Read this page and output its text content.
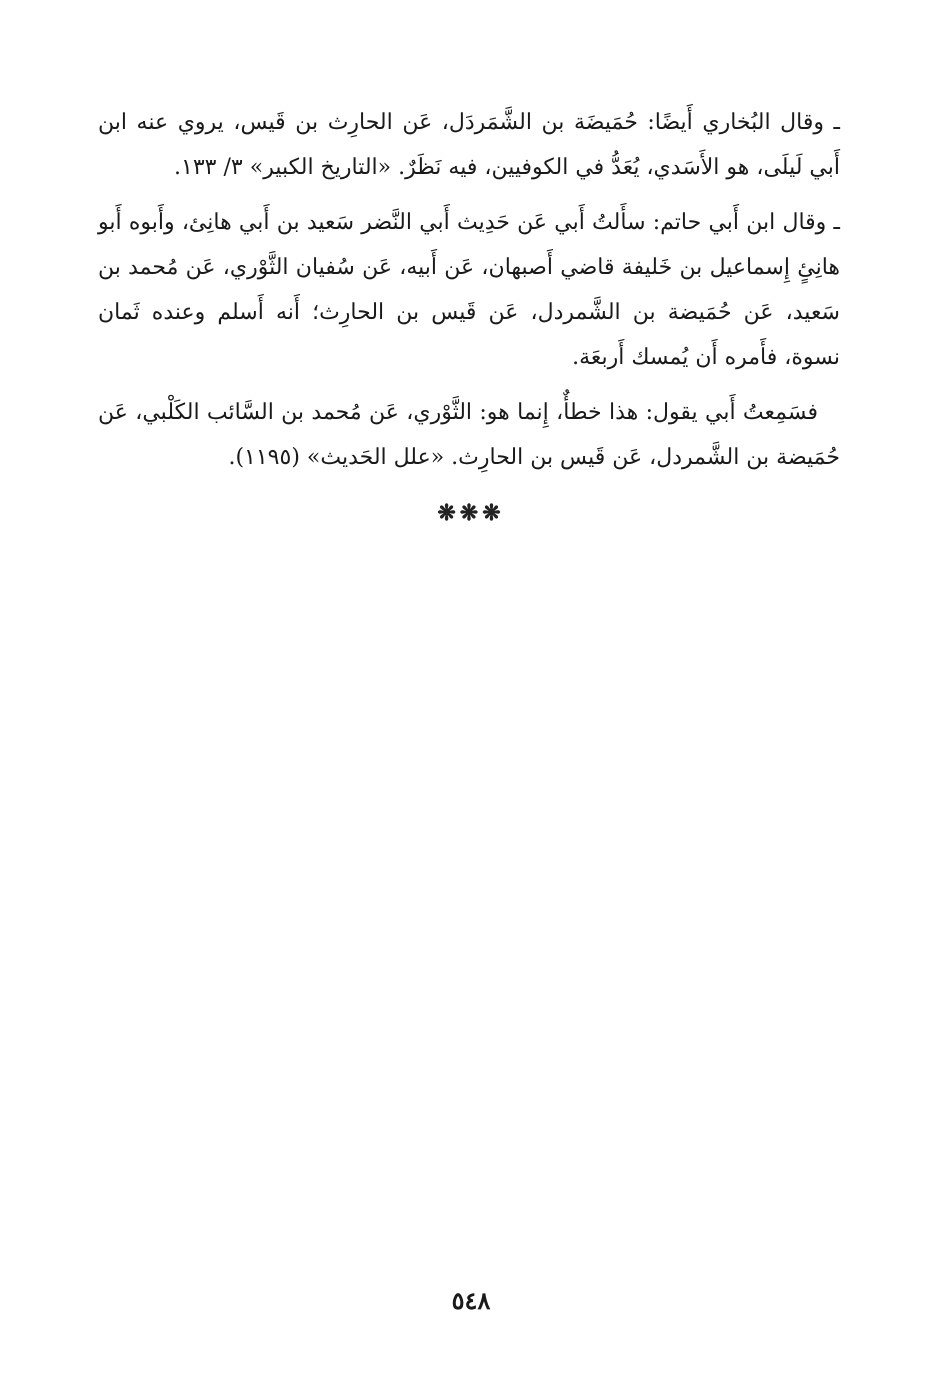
ـ وقال البُخاري أَيضًا: حُمَيضَة بن الشَّمَردَل، عَن الحارِث بن قَيس، يروي عنه ابن أَبي لَيلَى، هو الأَسَدي، يُعَدُّ في الكوفيين، فيه نَظَرٌ. «التاريخ الكبير» ٣/ ١٣٣.

ـ وقال ابن أَبي حاتم: سأَلتُ أَبي عَن حَدِيث أَبي النَّضر سَعيد بن أَبي هانِئ، وأَبوه أَبو هانِئٍ إِسماعيل بن خَليفة قاضي أَصبهان، عَن أَبيه، عَن سُفيان الثَّوْري، عَن مُحمد بن سَعيد، عَن حُمَيضة بن الشَّمردل، عَن قَيس بن الحارِث؛ أَنه أَسلم وعنده ثَمان نسوة، فأَمره أَن يُمسك أَربعَة.

فسَمِعتُ أَبي يقول: هذا خطأٌ، إِنما هو: الثَّوْري، عَن مُحمد بن السَّائب الكَلْبي، عَن حُمَيضة بن الشَّمردل، عَن قَيس بن الحارِث. «علل الحَديث» (١١٩٥).

❋❋❋
٥٤٨
